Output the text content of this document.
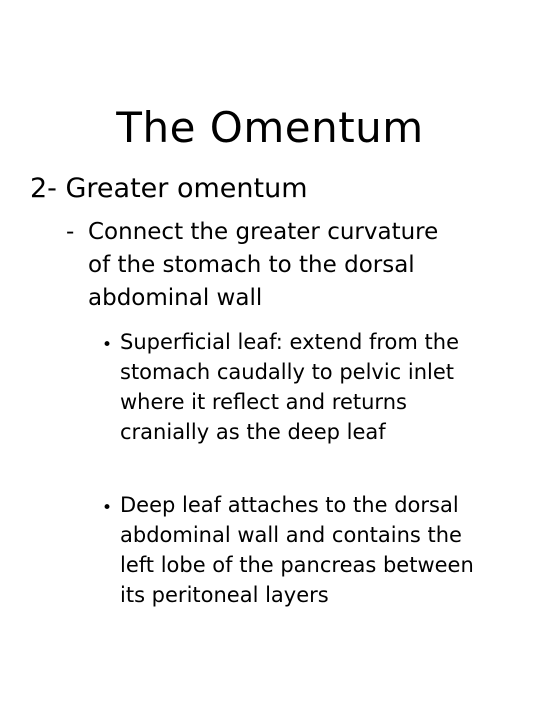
The Omentum
2- Greater omentum
- Connect the greater curvature
of the stomach to the dorsal
abdominal wall
• Superficial leaf: extend from the
stomach caudally to pelvic inlet
where it reflect and returns
cranially as the deep leaf
• Deep leaf attaches to the dorsal
abdominal wall and contains the
left lobe of the pancreas between
its peritoneal layers
